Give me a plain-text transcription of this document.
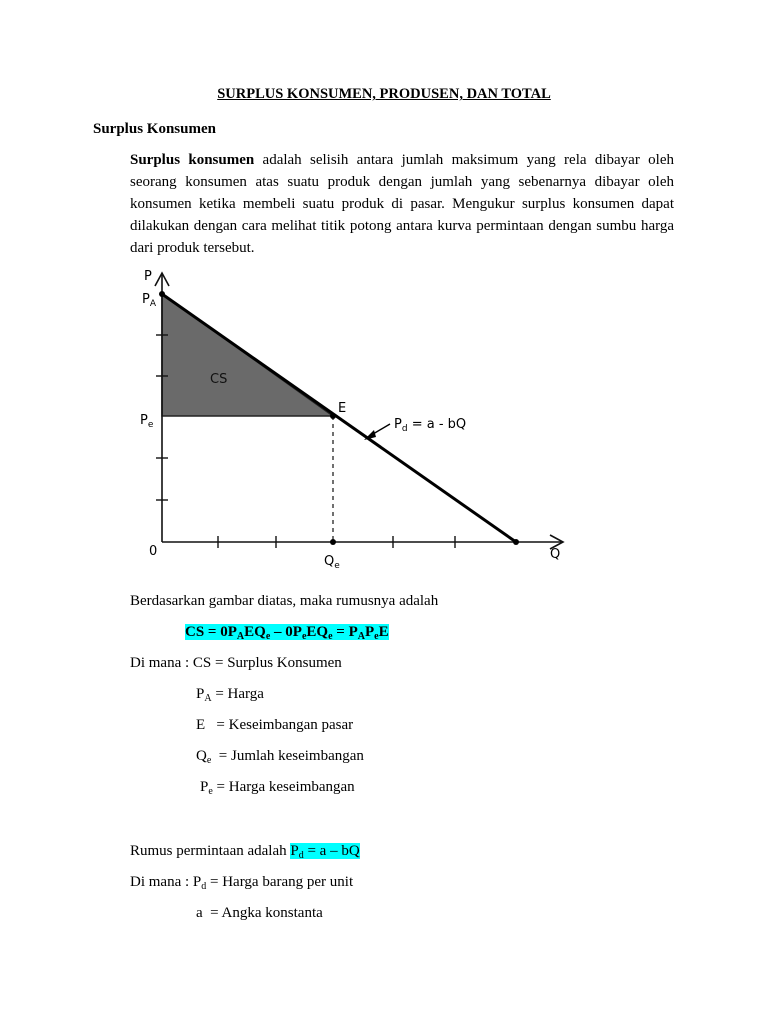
SURPLUS KONSUMEN, PRODUSEN, DAN TOTAL
Surplus Konsumen
Surplus konsumen adalah selisih antara jumlah maksimum yang rela dibayar oleh seorang konsumen atas suatu produk dengan jumlah yang sebenarnya dibayar oleh konsumen ketika membeli suatu produk di pasar. Mengukur surplus konsumen dapat dilakukan dengan cara melihat titik potong antara kurva permintaan dengan sumbu harga dari produk tersebut.
P
$P_A$
$P_e$
CS
E
$P_d = a$ - bQ
0
$Q_e$
Q
Berdasarkan gambar diatas, maka rumusnya adalah
CS = $0P_AEQ_e - 0P_eEQ_e = P_AP_eE$
Di mana : CS = Surplus Konsumen
$P_A$ = Harga
E   = Keseimbangan pasar
$Q_e$  = Jumlah keseimbangan
$P_e$ = Harga keseimbangan
Rumus permintaan adalah $P_d = a$ – bQ
Di mana : $P_d$ = Harga barang per unit
a  = Angka konstanta
